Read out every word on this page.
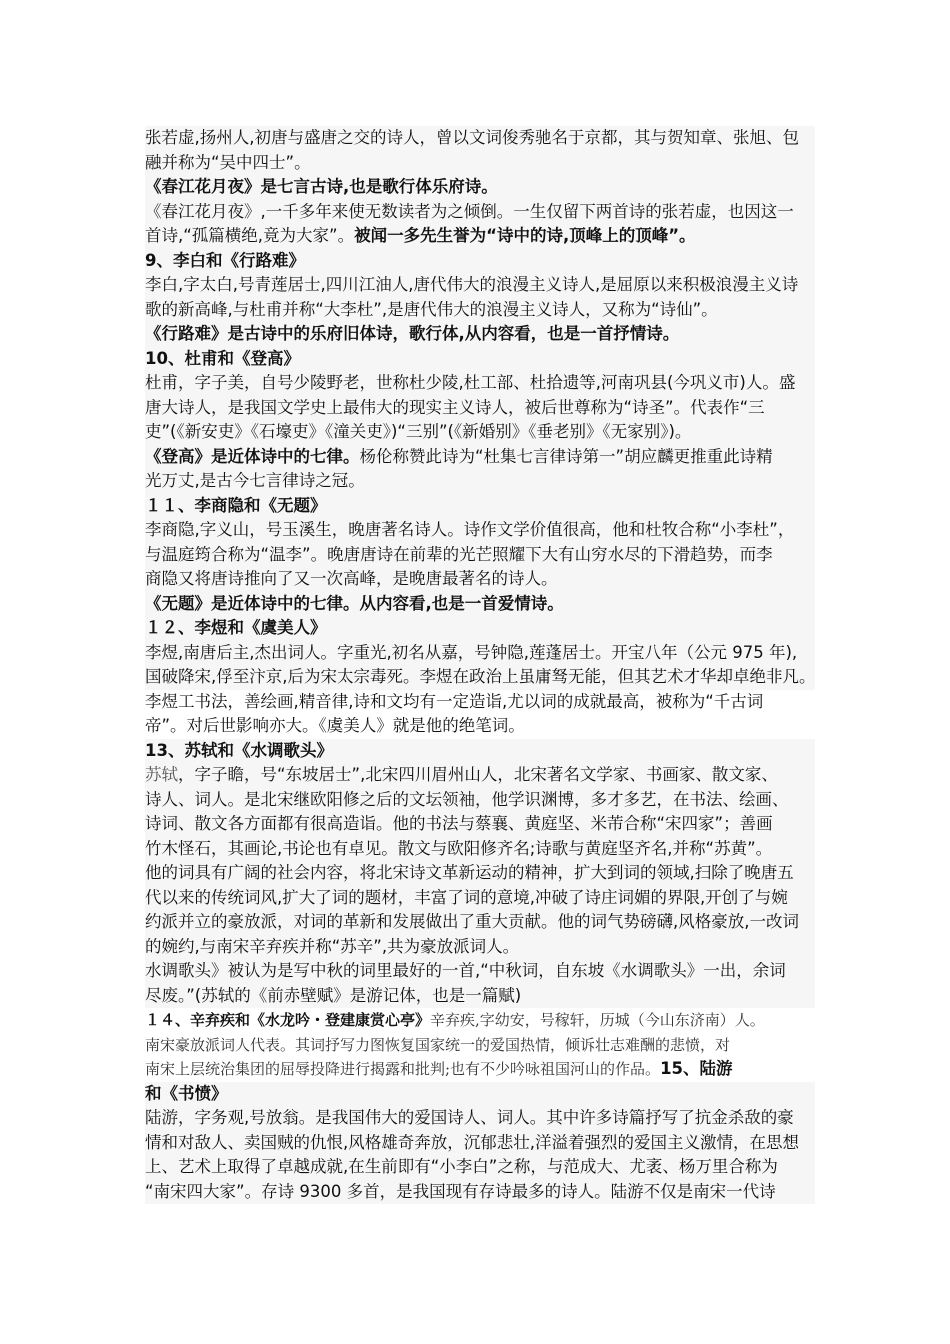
张若虚,扬州人,初唐与盛唐之交的诗人，曾以文词俊秀驰名于京都，其与贺知章、张旭、包
融并称为“吴中四士”。
《春江花月夜》是七言古诗,也是歌行体乐府诗。
《春江花月夜》,一千多年来使无数读者为之倾倒。一生仅留下两首诗的张若虚，也因这一
首诗,“孤篇横绝,竟为大家”。被闻一多先生誉为“诗中的诗,顶峰上的顶峰”。
9、李白和《行路难》
李白,字太白,号青莲居士,四川江油人,唐代伟大的浪漫主义诗人,是屈原以来积极浪漫主义诗
歌的新高峰,与杜甫并称“大李杜”,是唐代伟大的浪漫主义诗人，又称为“诗仙”。
《行路难》是古诗中的乐府旧体诗，歌行体,从内容看，也是一首抒情诗。
10、杜甫和《登高》
杜甫，字子美，自号少陵野老，世称杜少陵,杜工部、杜拾遗等,河南巩县(今巩义市)人。盛
唐大诗人，是我国文学史上最伟大的现实主义诗人，被后世尊称为“诗圣”。代表作“三
吏”(《新安吏》《石壕吏》《潼关吏》)“三别”(《新婚别》《垂老别》《无家别》)。
《登高》是近体诗中的七律。杨伦称赞此诗为“杜集七言律诗第一”胡应麟更推重此诗精
光万丈,是古今七言律诗之冠。
１１、李商隐和《无题》
李商隐,字义山，号玉溪生，晚唐著名诗人。诗作文学价值很高，他和杜牧合称“小李杜”，
与温庭筠合称为“温李”。晚唐唐诗在前辈的光芒照耀下大有山穷水尽的下滑趋势，而李
商隐又将唐诗推向了又一次高峰，是晚唐最著名的诗人。
《无题》是近体诗中的七律。从内容看,也是一首爱情诗。
１２、李煜和《虞美人》
李煜,南唐后主,杰出词人。字重光,初名从嘉，号钟隐,莲蓬居士。开宝八年（公元 975 年),
国破降宋,俘至汴京,后为宋太宗毒死。李煜在政治上虽庸驽无能，但其艺术才华却卓绝非凡。
李煜工书法，善绘画,精音律,诗和文均有一定造诣,尤以词的成就最高，被称为“千古词
帝”。对后世影响亦大。《虞美人》就是他的绝笔词。
13、苏轼和《水调歌头》
苏轼，字子瞻，号“东坡居士”,北宋四川眉州山人，北宋著名文学家、书画家、散文家、
诗人、词人。是北宋继欧阳修之后的文坛领袖，他学识渊博，多才多艺，在书法、绘画、
诗词、散文各方面都有很高造诣。他的书法与蔡襄、黄庭坚、米芾合称“宋四家”；善画
竹木怪石，其画论,书论也有卓见。散文与欧阳修齐名;诗歌与黄庭坚齐名,并称“苏黄”。
他的词具有广阔的社会内容，将北宋诗文革新运动的精神，扩大到词的领域,扫除了晚唐五
代以来的传统词风,扩大了词的题材，丰富了词的意境,冲破了诗庄词媚的界限,开创了与婉
约派并立的豪放派，对词的革新和发展做出了重大贡献。他的词气势磅礴,风格豪放,一改词
的婉约,与南宋辛弃疾并称“苏辛”,共为豪放派词人。
水调歌头》被认为是写中秋的词里最好的一首,“中秋词，自东坡《水调歌头》一出，余词
尽废。”(苏轼的《前赤壁赋》是游记体，也是一篇赋)
１４、辛弃疾和《水龙吟・登建康赏心亭》辛弃疾,字幼安，号稼轩，历城（今山东济南）人。
南宋豪放派词人代表。其词抒写力图恢复国家统一的爱国热情，倾诉壮志难酬的悲愤，对
南宋上层统治集团的屈辱投降进行揭露和批判;也有不少吟咏祖国河山的作品。15、陆游
和《书愤》
陆游，字务观,号放翁。是我国伟大的爱国诗人、词人。其中许多诗篇抒写了抗金杀敌的豪
情和对敌人、卖国贼的仇恨,风格雄奇奔放，沉郁悲壮,洋溢着强烈的爱国主义激情，在思想
上、艺术上取得了卓越成就,在生前即有“小李白”之称，与范成大、尤袤、杨万里合称为
“南宋四大家”。存诗 9300 多首，是我国现有存诗最多的诗人。陆游不仅是南宋一代诗
